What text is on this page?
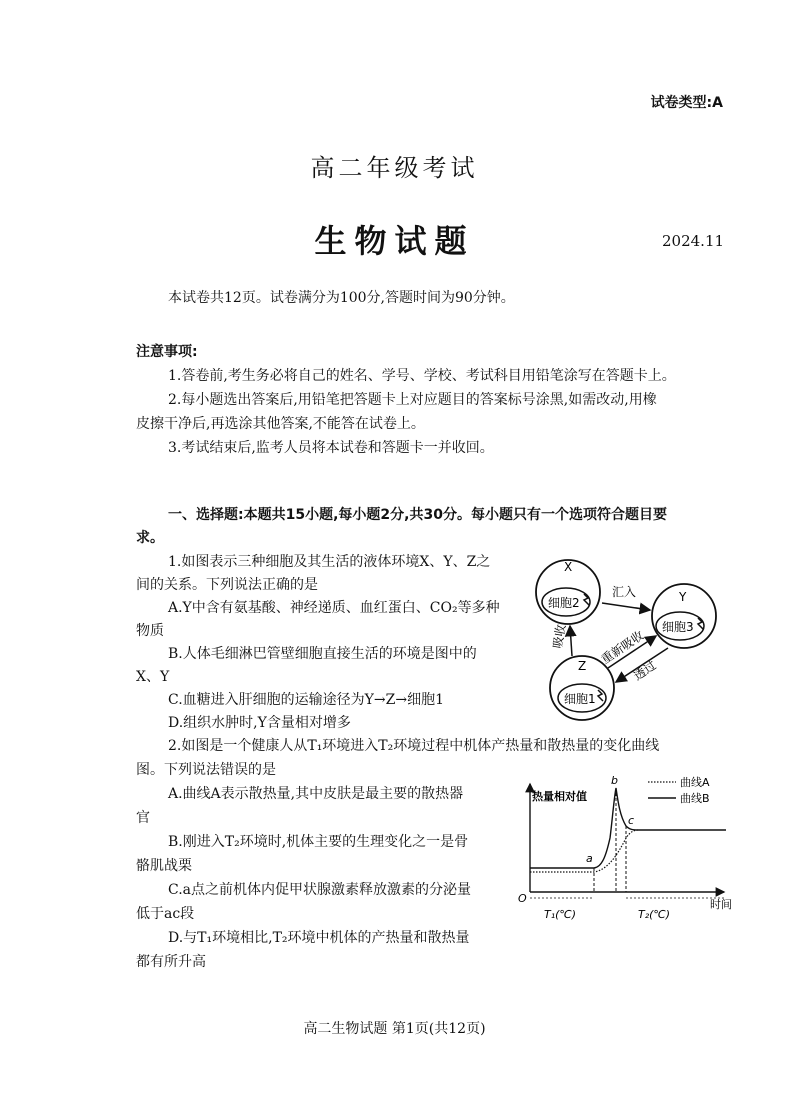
试卷类型:A
高二年级考试
生物试题	2024.11
本试卷共12页。试卷满分为100分,答题时间为90分钟。
注意事项:
1.答卷前,考生务必将自己的姓名、学号、学校、考试科目用铅笔涂写在答题卡上。
2.每小题选出答案后,用铅笔把答题卡上对应题目的答案标号涂黑,如需改动,用橡
皮擦干净后,再选涂其他答案,不能答在试卷上。
3.考试结束后,监考人员将本试卷和答题卡一并收回。
一、选择题:本题共15小题,每小题2分,共30分。每小题只有一个选项符合题目要
求。
1.如图表示三种细胞及其生活的液体环境X、Y、Z之
间的关系。下列说法正确的是
A.Y中含有氨基酸、神经递质、血红蛋白、CO₂等多种
物质
B.人体毛细淋巴管壁细胞直接生活的环境是图中的
X、Y
C.血糖进入肝细胞的运输途径为Y→Z→细胞1
D.组织水肿时,Y含量相对增多
X
细胞2	Y
细胞3
Z
细胞1
汇入
吸收	重新吸收
透过
2.如图是一个健康人从T₁环境进入T₂环境过程中机体产热量和散热量的变化曲线
图。下列说法错误的是
A.曲线A表示散热量,其中皮肤是最主要的散热器
官
B.刚进入T₂环境时,机体主要的生理变化之一是骨
骼肌战栗
C.a点之前机体内促甲状腺激素释放激素的分泌量
低于ac段
D.与T₁环境相比,T₂环境中机体的产热量和散热量
都有所升高
热量相对值
时间
O
曲线A
曲线B
a
b
c
T₁(℃)	T₂(℃)
高二生物试题 第1页(共12页)
